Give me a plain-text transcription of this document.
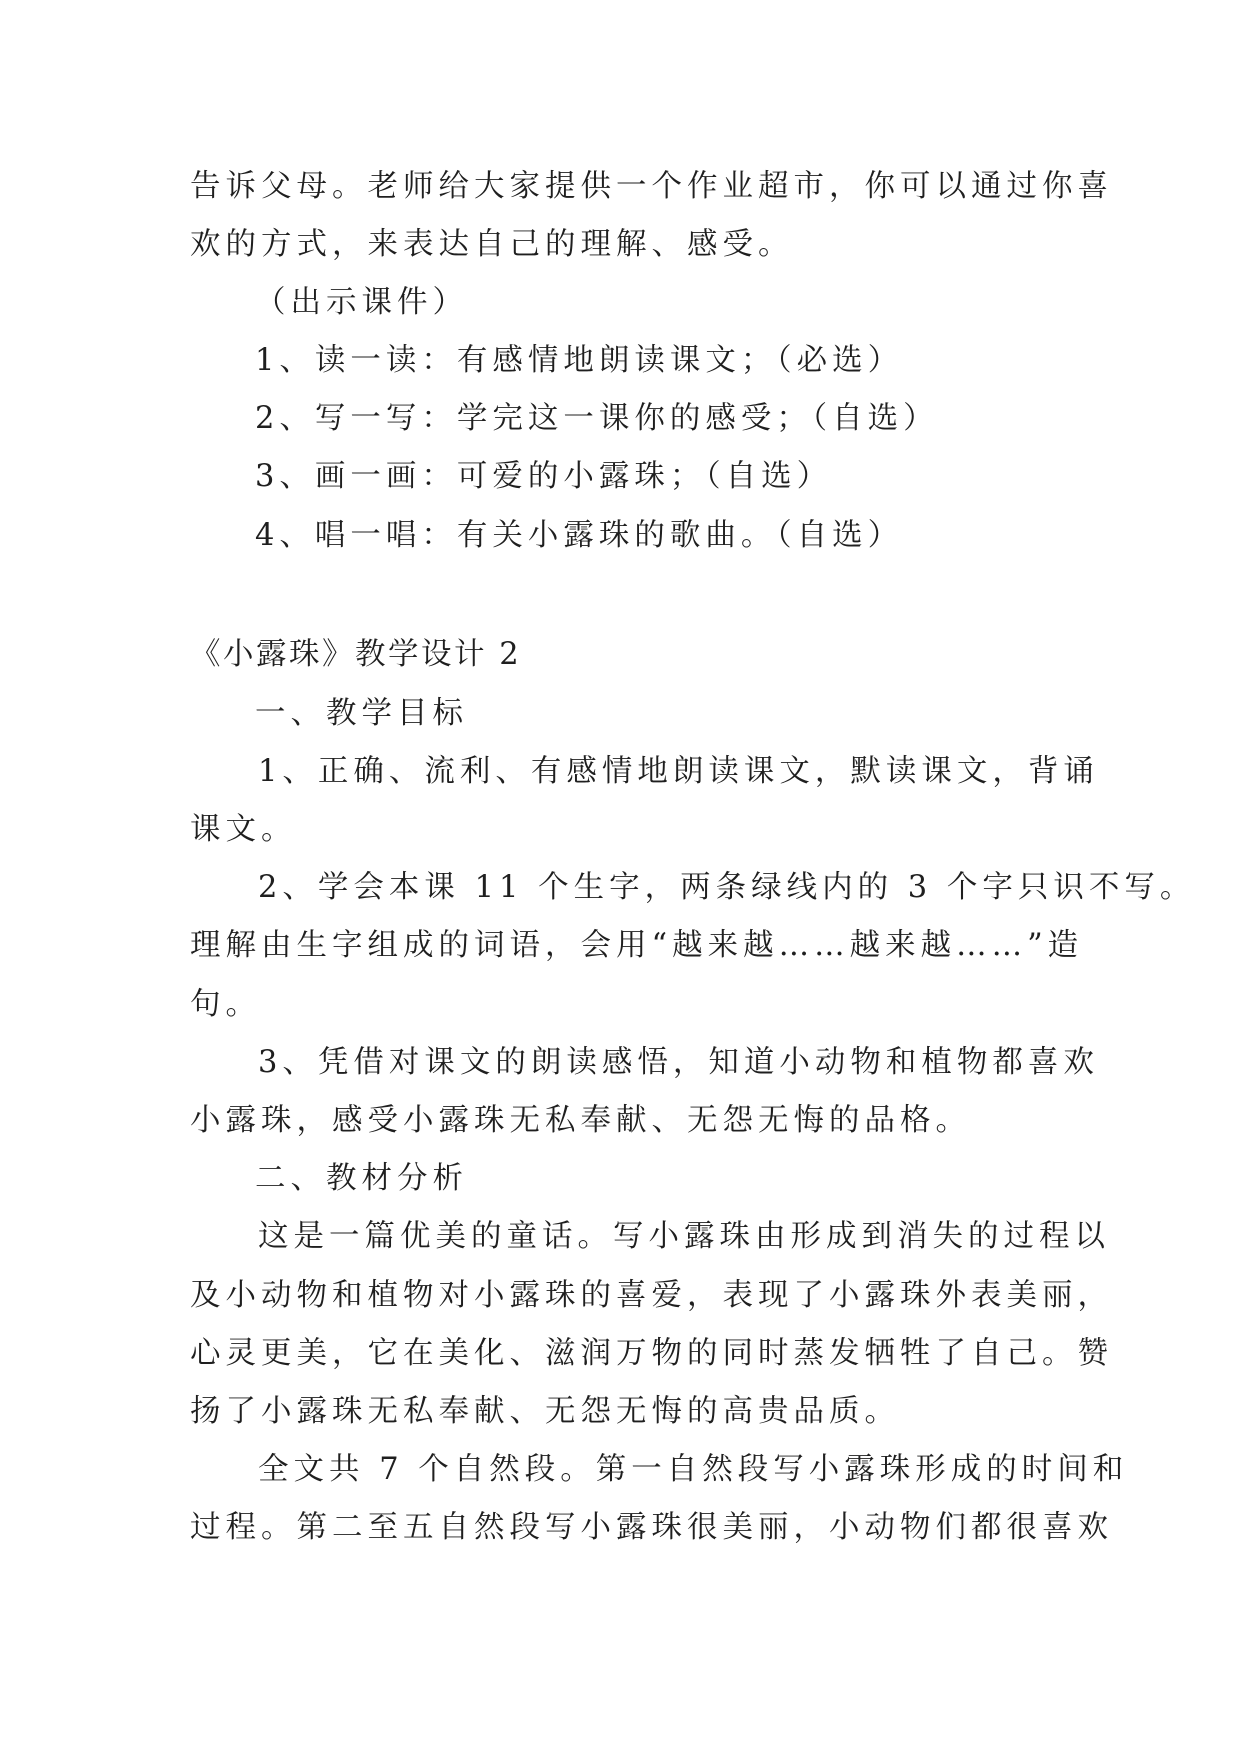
告诉父母。老师给大家提供一个作业超市，你可以通过你喜

欢的方式，来表达自己的理解、感受。

（出示课件）

1、读一读：有感情地朗读课文；（必选）

2、写一写：学完这一课你的感受；（自选）

3、画一画：可爱的小露珠；（自选）

4、唱一唱：有关小露珠的歌曲。（自选）

《小露珠》教学设计 2

一、教学目标

1、正确、流利、有感情地朗读课文，默读课文，背诵

课文。

2、学会本课 11 个生字，两条绿线内的 3 个字只识不写。

理解由生字组成的词语，会用“越来越……越来越……”造

句。

3、凭借对课文的朗读感悟，知道小动物和植物都喜欢

小露珠，感受小露珠无私奉献、无怨无悔的品格。

二、教材分析

这是一篇优美的童话。写小露珠由形成到消失的过程以

及小动物和植物对小露珠的喜爱，表现了小露珠外表美丽，

心灵更美，它在美化、滋润万物的同时蒸发牺牲了自己。赞

扬了小露珠无私奉献、无怨无悔的高贵品质。

全文共 7 个自然段。第一自然段写小露珠形成的时间和

过程。第二至五自然段写小露珠很美丽，小动物们都很喜欢
